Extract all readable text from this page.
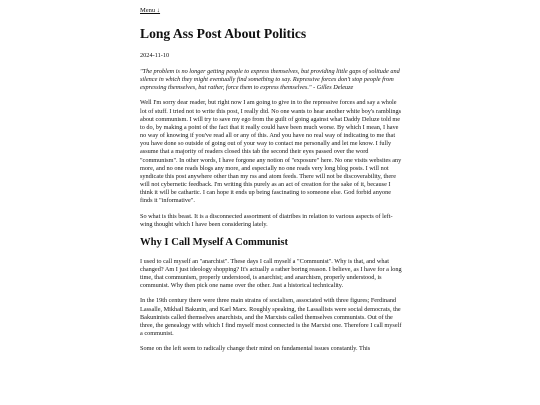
Menu ↓
Long Ass Post About Politics
2024-11-10

"The problem is no longer getting people to express themselves, but providing little gaps of solitude and silence in which they might eventually find something to say. Repressive forces don't stop people from expressing themselves, but rather, force them to express themselves." - Gilles Deleuze

Well I'm sorry dear reader, but right now I am going to give in to the repressive forces and say a whole lot of stuff. I tried not to write this post, I really did. No one wants to hear another white boy's ramblings about communism. I will try to save my ego from the guilt of going against what Daddy Deluze told me to do, by making a point of the fact that it really could have been much worse. By which I mean, I have no way of knowing if you've read all or any of this. And you have no real way of indicating to me that you have done so outside of going out of your way to contact me personally and let me know. I fully assume that a majority of readers closed this tab the second their eyes passed over the word "communism". In other words, I have forgone any notion of "exposure" here. No one visits websites any more, and no one reads blogs any more, and especially no one reads very long blog posts. I will not syndicate this post anywhere other than my rss and atom feeds. There will not be discoverability, there will not cybernetic feedback. I'm writing this purely as an act of creation for the sake of it, because I think it will be cathartic. I can hope it ends up being fascinating to someone else. God forbid anyone finds it "informative".

So what is this beast. It is a disconnected assortment of diatribes in relation to various aspects of left-wing thought which I have been considering lately.

Why I Call Myself A Communist

I used to call myself an "anarchist". These days I call myself a "Communist". Why is that, and what changed? Am I just ideology shopping? It's actually a rather boring reason. I believe, as I have for a long time, that communism, properly understood, is anarchist; and anarchism, properly understood, is communist. Why then pick one name over the other. Just a historical technicality.

In the 19th century there were three main strains of socialism, associated with three figures; Ferdinand Lassalle, Mikhail Bakunin, and Karl Marx. Roughly speaking, the Lassallists were social democrats, the Bakuninists called themselves anarchists, and the Marxists called themselves communists. Out of the three, the genealogy with which I find myself most connected is the Marxist one. Therefore I call myself a communist.

Some on the left seem to radically change their mind on fundamental issues constantly. This
